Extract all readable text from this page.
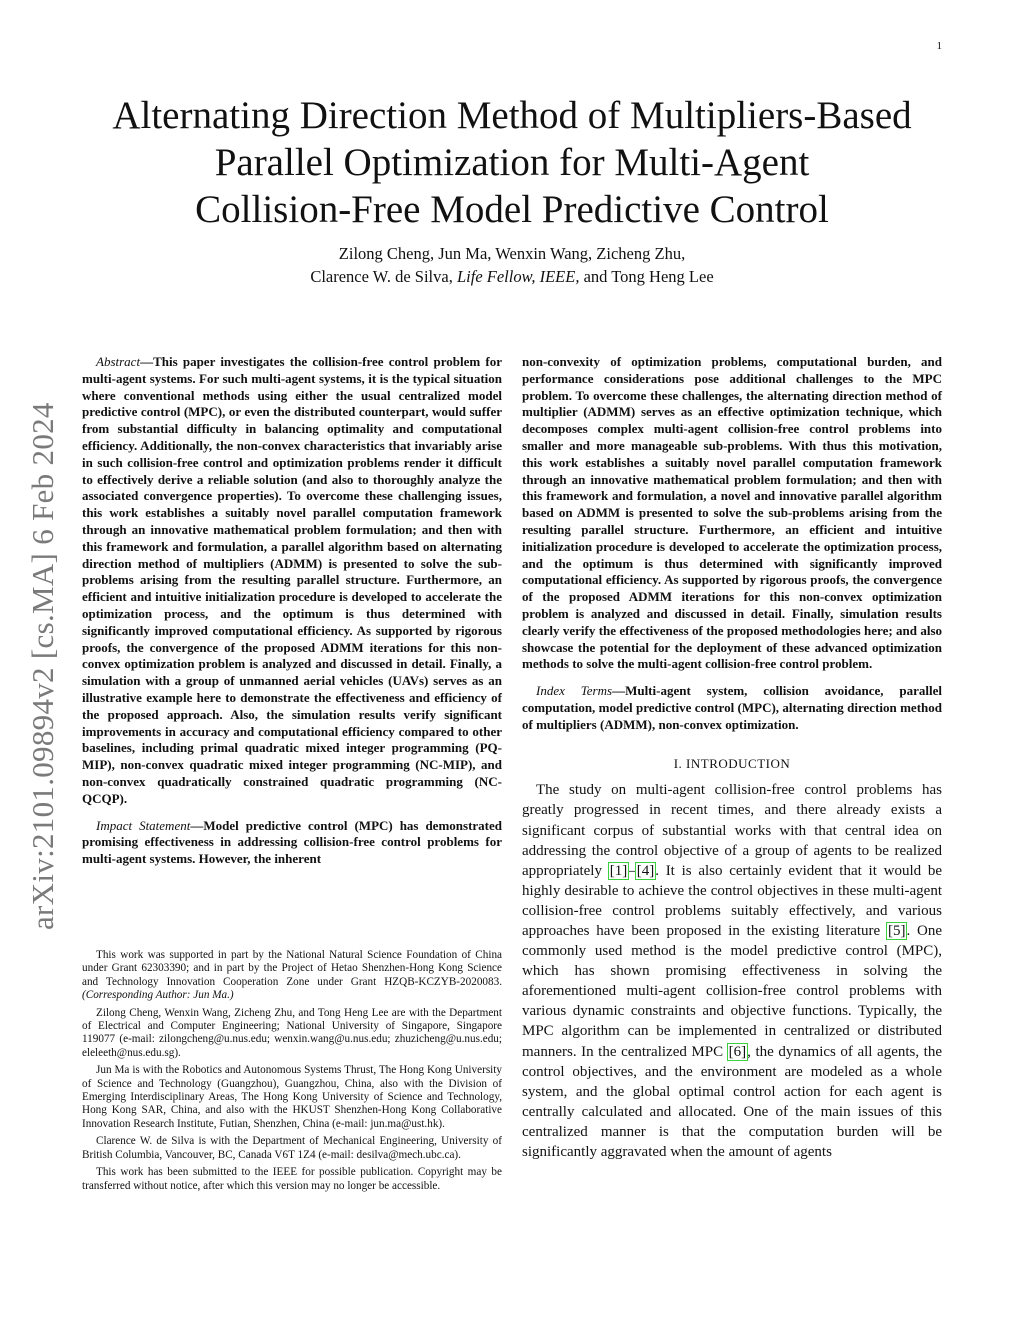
1
arXiv:2101.09894v2 [cs.MA] 6 Feb 2024
Alternating Direction Method of Multipliers-Based
Parallel Optimization for Multi-Agent
Collision-Free Model Predictive Control
Zilong Cheng, Jun Ma, Wenxin Wang, Zicheng Zhu,
Clarence W. de Silva, Life Fellow, IEEE, and Tong Heng Lee

Abstract—This paper investigates the collision-free control problem for multi-agent systems. For such multi-agent systems, it is the typical situation where conventional methods using either the usual centralized model predictive control (MPC), or even the distributed counterpart, would suffer from substantial difficulty in balancing optimality and computational efficiency. Additionally, the non-convex characteristics that invariably arise in such collision-free control and optimization problems render it difficult to effectively derive a reliable solution (and also to thoroughly analyze the associated convergence properties). To overcome these challenging issues, this work establishes a suitably novel parallel computation framework through an innovative mathematical problem formulation; and then with this framework and formulation, a parallel algorithm based on alternating direction method of multipliers (ADMM) is presented to solve the sub-problems arising from the resulting parallel structure. Furthermore, an efficient and intuitive initialization procedure is developed to accelerate the optimization process, and the optimum is thus determined with significantly improved computational efficiency. As supported by rigorous proofs, the convergence of the proposed ADMM iterations for this non-convex optimization problem is analyzed and discussed in detail. Finally, a simulation with a group of unmanned aerial vehicles (UAVs) serves as an illustrative example here to demonstrate the effectiveness and efficiency of the proposed approach. Also, the simulation results verify significant improvements in accuracy and computational efficiency compared to other baselines, including primal quadratic mixed integer programming (PQ-MIP), non-convex quadratic mixed integer programming (NC-MIP), and non-convex quadratically constrained quadratic programming (NC-QCQP).

Impact Statement—Model predictive control (MPC) has demonstrated promising effectiveness in addressing collision-free control problems for multi-agent systems. However, the inherent

This work was supported in part by the National Natural Science Foundation of China under Grant 62303390; and in part by the Project of Hetao Shenzhen-Hong Kong Science and Technology Innovation Cooperation Zone under Grant HZQB-KCZYB-2020083. (Corresponding Author: Jun Ma.)

Zilong Cheng, Wenxin Wang, Zicheng Zhu, and Tong Heng Lee are with the Department of Electrical and Computer Engineering; National University of Singapore, Singapore 119077 (e-mail: zilongcheng@u.nus.edu; wenxin.wang@u.nus.edu; zhuzicheng@u.nus.edu; eleleeth@nus.edu.sg).

Jun Ma is with the Robotics and Autonomous Systems Thrust, The Hong Kong University of Science and Technology (Guangzhou), Guangzhou, China, also with the Division of Emerging Interdisciplinary Areas, The Hong Kong University of Science and Technology, Hong Kong SAR, China, and also with the HKUST Shenzhen-Hong Kong Collaborative Innovation Research Institute, Futian, Shenzhen, China (e-mail: jun.ma@ust.hk).

Clarence W. de Silva is with the Department of Mechanical Engineering, University of British Columbia, Vancouver, BC, Canada V6T 1Z4 (e-mail: desilva@mech.ubc.ca).

This work has been submitted to the IEEE for possible publication. Copyright may be transferred without notice, after which this version may no longer be accessible.

non-convexity of optimization problems, computational burden, and performance considerations pose additional challenges to the MPC problem. To overcome these challenges, the alternating direction method of multiplier (ADMM) serves as an effective optimization technique, which decomposes complex multi-agent collision-free control problems into smaller and more manageable sub-problems. With thus this motivation, this work establishes a suitably novel parallel computation framework through an innovative mathematical problem formulation; and then with this framework and formulation, a novel and innovative parallel algorithm based on ADMM is presented to solve the sub-problems arising from the resulting parallel structure. Furthermore, an efficient and intuitive initialization procedure is developed to accelerate the optimization process, and the optimum is thus determined with significantly improved computational efficiency. As supported by rigorous proofs, the convergence of the proposed ADMM iterations for this non-convex optimization problem is analyzed and discussed in detail. Finally, simulation results clearly verify the effectiveness of the proposed methodologies here; and also showcase the potential for the deployment of these advanced optimization methods to solve the multi-agent collision-free control problem.

Index Terms—Multi-agent system, collision avoidance, parallel computation, model predictive control (MPC), alternating direction method of multipliers (ADMM), non-convex optimization.

I. INTRODUCTION

The study on multi-agent collision-free control problems has greatly progressed in recent times, and there already exists a significant corpus of substantial works with that central idea on addressing the control objective of a group of agents to be realized appropriately [1]–[4]. It is also certainly evident that it would be highly desirable to achieve the control objectives in these multi-agent collision-free control problems suitably effectively, and various approaches have been proposed in the existing literature [5]. One commonly used method is the model predictive control (MPC), which has shown promising effectiveness in solving the aforementioned multi-agent collision-free control problems with various dynamic constraints and objective functions. Typically, the MPC algorithm can be implemented in centralized or distributed manners. In the centralized MPC [6], the dynamics of all agents, the control objectives, and the environment are modeled as a whole system, and the global optimal control action for each agent is centrally calculated and allocated. One of the main issues of this centralized manner is that the computation burden will be significantly aggravated when the amount of agents
